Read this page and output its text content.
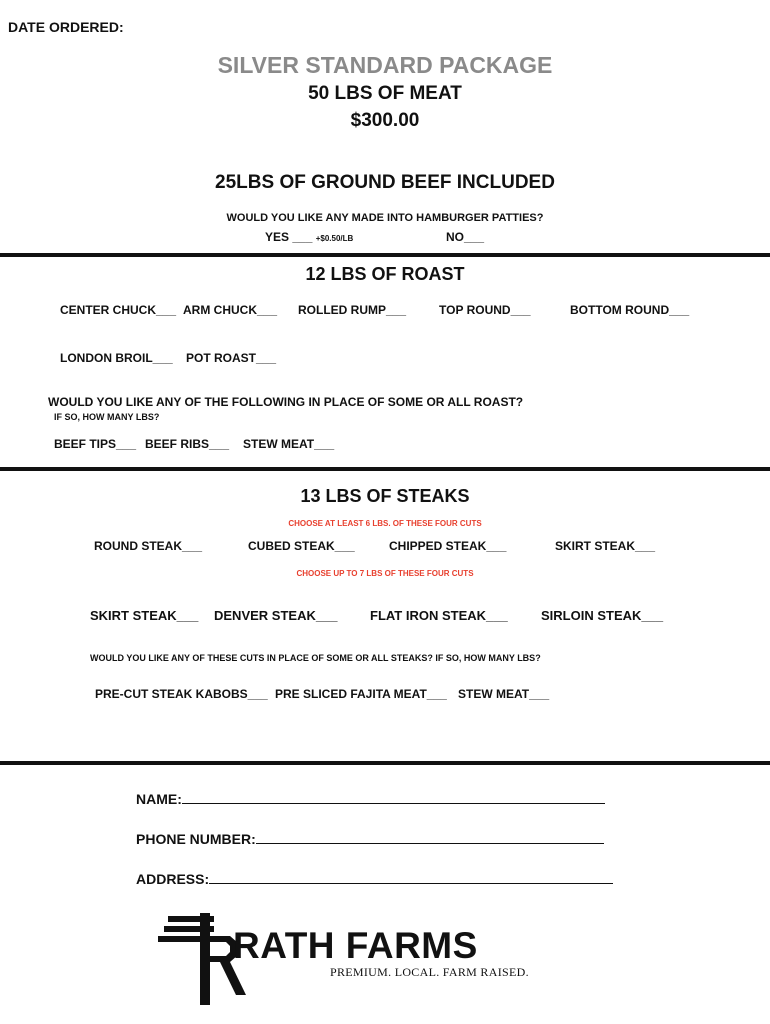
DATE ORDERED:
SILVER STANDARD PACKAGE
50 LBS OF MEAT
$300.00
25LBS OF GROUND BEEF INCLUDED
WOULD YOU LIKE ANY MADE INTO HAMBURGER PATTIES?
YES ___ +$0.50/LB	NO___
12 LBS OF ROAST
CENTER CHUCK___ ARM CHUCK___ ROLLED RUMP___	TOP ROUND___	BOTTOM ROUND___
LONDON BROIL___ POT ROAST___
WOULD YOU LIKE ANY OF THE FOLLOWING IN PLACE OF SOME OR ALL ROAST?
IF SO, HOW MANY LBS?
BEEF TIPS___ BEEF RIBS___ STEW MEAT___
13 LBS OF STEAKS
CHOOSE AT LEAST 6 LBS. OF THESE FOUR CUTS
ROUND STEAK___	CUBED STEAK___	CHIPPED STEAK___	SKIRT STEAK___
CHOOSE UP TO 7 LBS OF THESE FOUR CUTS
SKIRT STEAK___ DENVER STEAK___ FLAT IRON STEAK___	SIRLOIN STEAK___
WOULD YOU LIKE ANY OF THESE CUTS IN PLACE OF SOME OR ALL STEAKS? IF SO, HOW MANY LBS?
PRE-CUT STEAK KABOBS___ PRE SLICED FAJITA MEAT___ STEW MEAT___
NAME:
PHONE NUMBER:
ADDRESS:
RATH FARMS
PREMIUM. LOCAL. FARM RAISED.
